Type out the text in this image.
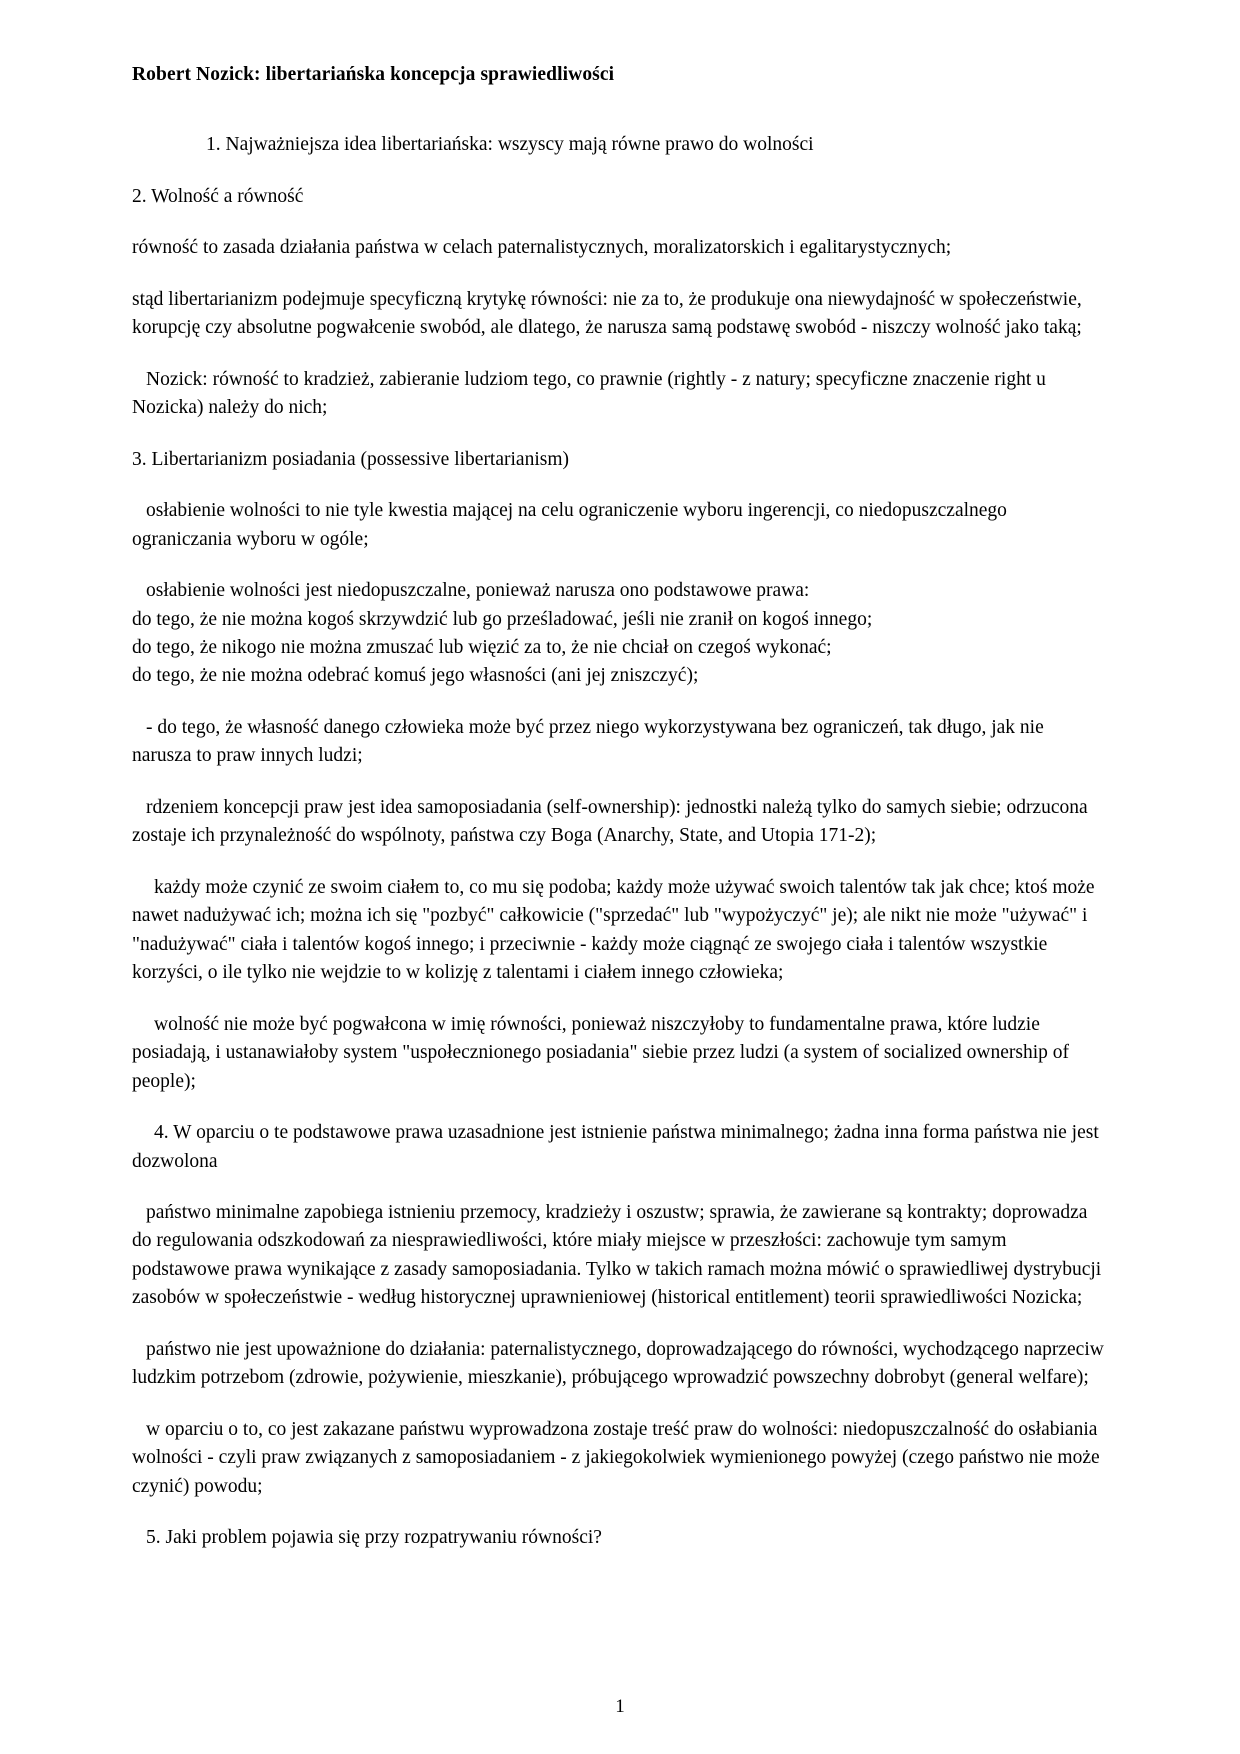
Robert Nozick: libertariańska koncepcja sprawiedliwości

1. Najważniejsza idea libertariańska: wszyscy mają równe prawo do wolności

2. Wolność a równość

równość to zasada działania państwa w celach paternalistycznych, moralizatorskich i egalitarystycznych;

stąd libertarianizm podejmuje specyficzną krytykę równości: nie za to, że produkuje ona niewydajność w społeczeństwie, korupcję czy absolutne pogwałcenie swobód, ale dlatego, że narusza samą podstawę swobód - niszczy wolność jako taką;

Nozick: równość to kradzież, zabieranie ludziom tego, co prawnie (rightly - z natury; specyficzne znaczenie right u Nozicka) należy do nich;

3. Libertarianizm posiadania (possessive libertarianism)

osłabienie wolności to nie tyle kwestia mającej na celu ograniczenie wyboru ingerencji, co niedopuszczalnego ograniczania wyboru w ogóle;

osłabienie wolności jest niedopuszczalne, ponieważ narusza ono podstawowe prawa:
do tego, że nie można kogoś skrzywdzić lub go prześladować, jeśli nie zranił on kogoś innego;
do tego, że nikogo nie można zmuszać lub więzić za to, że nie chciał on czegoś wykonać;
do tego, że nie można odebrać komuś jego własności (ani jej zniszczyć);

- do tego, że własność danego człowieka może być przez niego wykorzystywana bez ograniczeń, tak długo, jak nie narusza to praw innych ludzi;

rdzeniem koncepcji praw jest idea samoposiadania (self-ownership): jednostki należą tylko do samych siebie; odrzucona zostaje ich przynależność do wspólnoty, państwa czy Boga (Anarchy, State, and Utopia 171-2);

każdy może czynić ze swoim ciałem to, co mu się podoba; każdy może używać swoich talentów tak jak chce; ktoś może nawet nadużywać ich; można ich się "pozbyć" całkowicie ("sprzedać" lub "wypożyczyć" je); ale nikt nie może "używać" i "nadużywać" ciała i talentów kogoś innego; i przeciwnie - każdy może ciągnąć ze swojego ciała i talentów wszystkie korzyści, o ile tylko nie wejdzie to w kolizję z talentami i ciałem innego człowieka;

wolność nie może być pogwałcona w imię równości, ponieważ niszczyłoby to fundamentalne prawa, które ludzie posiadają, i ustanawiałoby system "uspołecznionego posiadania" siebie przez ludzi (a system of socialized ownership of people);

4. W oparciu o te podstawowe prawa uzasadnione jest istnienie państwa minimalnego; żadna inna forma państwa nie jest dozwolona

państwo minimalne zapobiega istnieniu przemocy, kradzieży i oszustw; sprawia, że zawierane są kontrakty; doprowadza do regulowania odszkodowań za niesprawiedliwości, które miały miejsce w przeszłości: zachowuje tym samym podstawowe prawa wynikające z zasady samoposiadania. Tylko w takich ramach można mówić o sprawiedliwej dystrybucji zasobów w społeczeństwie - według historycznej uprawnieniowej (historical entitlement) teorii sprawiedliwości Nozicka;

państwo nie jest upoważnione do działania: paternalistycznego, doprowadzającego do równości, wychodzącego naprzeciw ludzkim potrzebom (zdrowie, pożywienie, mieszkanie), próbującego wprowadzić powszechny dobrobyt (general welfare);

w oparciu o to, co jest zakazane państwu wyprowadzona zostaje treść praw do wolności: niedopuszczalność do osłabiania wolności - czyli praw związanych z samoposiadaniem - z jakiegokolwiek wymienionego powyżej (czego państwo nie może czynić) powodu;

5. Jaki problem pojawia się przy rozpatrywaniu równości?

1
